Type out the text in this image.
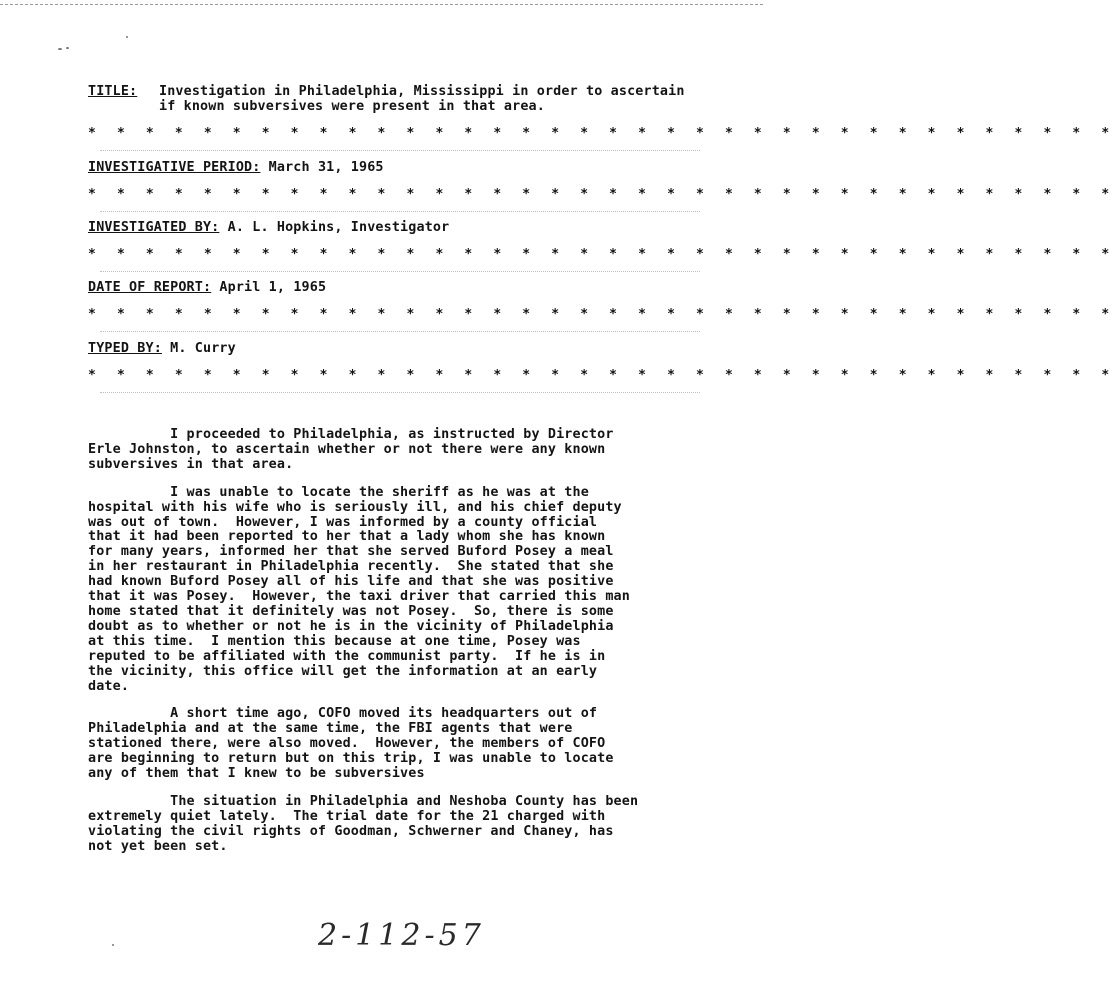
TITLE: Investigation in Philadelphia, Mississippi in order to ascertain
if known subversives were present in that area.
* * * * * * * * * * * * * * * * * * * * * * * * * * * * * * * * * * * *
INVESTIGATIVE PERIOD: March 31, 1965
* * * * * * * * * * * * * * * * * * * * * * * * * * * * * * * * * * * *
INVESTIGATED BY: A. L. Hopkins, Investigator
* * * * * * * * * * * * * * * * * * * * * * * * * * * * * * * * * * * *
DATE OF REPORT: April 1, 1965
* * * * * * * * * * * * * * * * * * * * * * * * * * * * * * * * * * * *
TYPED BY: M. Curry
* * * * * * * * * * * * * * * * * * * * * * * * * * * * * * * * * * * *

I proceeded to Philadelphia, as instructed by Director
Erle Johnston, to ascertain whether or not there were any known
subversives in that area.

I was unable to locate the sheriff as he was at the
hospital with his wife who is seriously ill, and his chief deputy
was out of town.  However, I was informed by a county official
that it had been reported to her that a lady whom she has known
for many years, informed her that she served Buford Posey a meal
in her restaurant in Philadelphia recently.  She stated that she
had known Buford Posey all of his life and that she was positive
that it was Posey.  However, the taxi driver that carried this man
home stated that it definitely was not Posey.  So, there is some
doubt as to whether or not he is in the vicinity of Philadelphia
at this time.  I mention this because at one time, Posey was
reputed to be affiliated with the communist party.  If he is in
the vicinity, this office will get the information at an early
date.

A short time ago, COFO moved its headquarters out of
Philadelphia and at the same time, the FBI agents that were
stationed there, were also moved.  However, the members of COFO
are beginning to return but on this trip, I was unable to locate
any of them that I knew to be subversives

The situation in Philadelphia and Neshoba County has been
extremely quiet lately.  The trial date for the 21 charged with
violating the civil rights of Goodman, Schwerner and Chaney, has
not yet been set.

2-112-57
